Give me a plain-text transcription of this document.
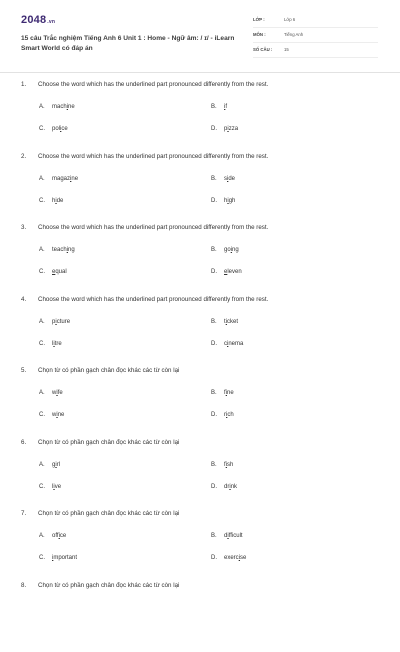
2048.vn
15 câu Trắc nghiệm Tiếng Anh 6 Unit 1 : Home - Ngữ âm: / ɪ/ - iLearn Smart World có đáp án
LỚP :	Lớp 6
MÔN :	Tiếng Anh
SỐ CÂU :	15
1. Choose the word which has the underlined part pronounced differently from the rest.
A. machine	B. if
C. police	D. pizza
2. Choose the word which has the underlined part pronounced differently from the rest.
A. magazine	B. side
C. hide	D. high
3. Choose the word which has the underlined part pronounced differently from the rest.
A. teaching	B. going
C. equal	D. eleven
4. Choose the word which has the underlined part pronounced differently from the rest.
A. picture	B. ticket
C. litre	D. cinema
5. Chọn từ có phần gạch chân đọc khác các từ còn lại
A. wife	B. fine
C. wine	D. rich
6. Chọn từ có phần gạch chân đọc khác các từ còn lại
A. girl	B. fish
C. live	D. drink
7. Chọn từ có phần gạch chân đọc khác các từ còn lại
A. office	B. difficult
C. important	D. exercise
8. Chọn từ có phần gạch chân đọc khác các từ còn lại
